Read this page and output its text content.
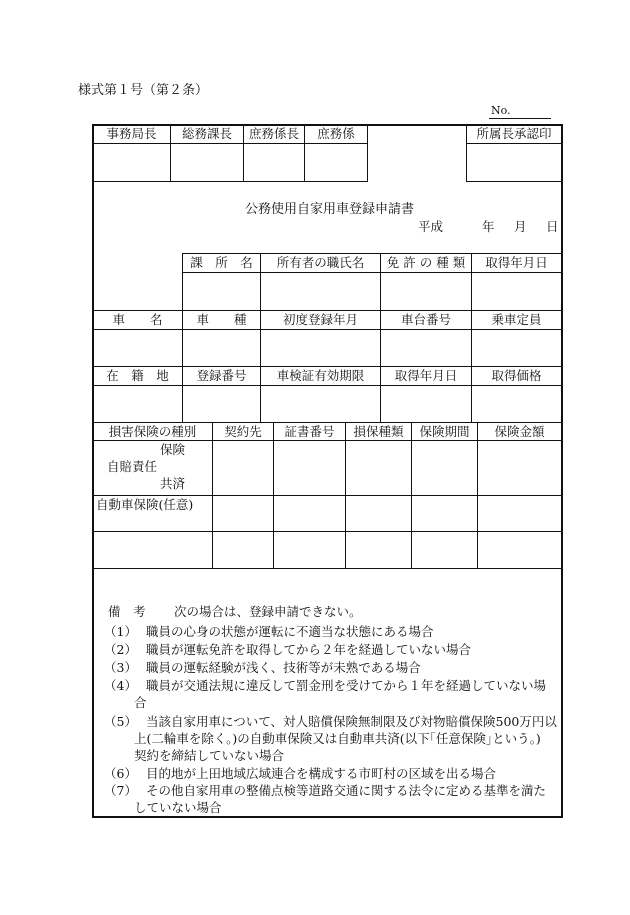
様式第１号（第２条）
No.
事務局長	総務課長	庶務係長	庶務係	所属長承認印
公務使用自家用車登録申請書
平成	年 月 日
課　所　名	所有者の職氏名	免 許 の 種 類	取得年月日
車　　名	車　　種	初度登録年月	車台番号	乗車定員
在　籍　地	登録番号	車検証有効期限	取得年月日	取得価格
損害保険の種別	契約先	証書番号	損保種類	保険期間	保険金額
保険
自賠責任
共済
自動車保険(任意)
備　考 次の場合は、登録申請できない。
（1） 職員の心身の状態が運転に不適当な状態にある場合
（2） 職員が運転免許を取得してから２年を経過していない場合
（3） 職員の運転経験が浅く、技術等が未熟である場合
（4） 職員が交通法規に違反して罰金刑を受けてから１年を経過していない場
合
（5） 当該自家用車について、対人賠償保険無制限及び対物賠償保険500万円以
上(二輪車を除く。)の自動車保険又は自動車共済(以下｢任意保険｣という。)
契約を締結していない場合
（6） 目的地が上田地域広域連合を構成する市町村の区域を出る場合
（7） その他自家用車の整備点検等道路交通に関する法令に定める基準を満た
していない場合
